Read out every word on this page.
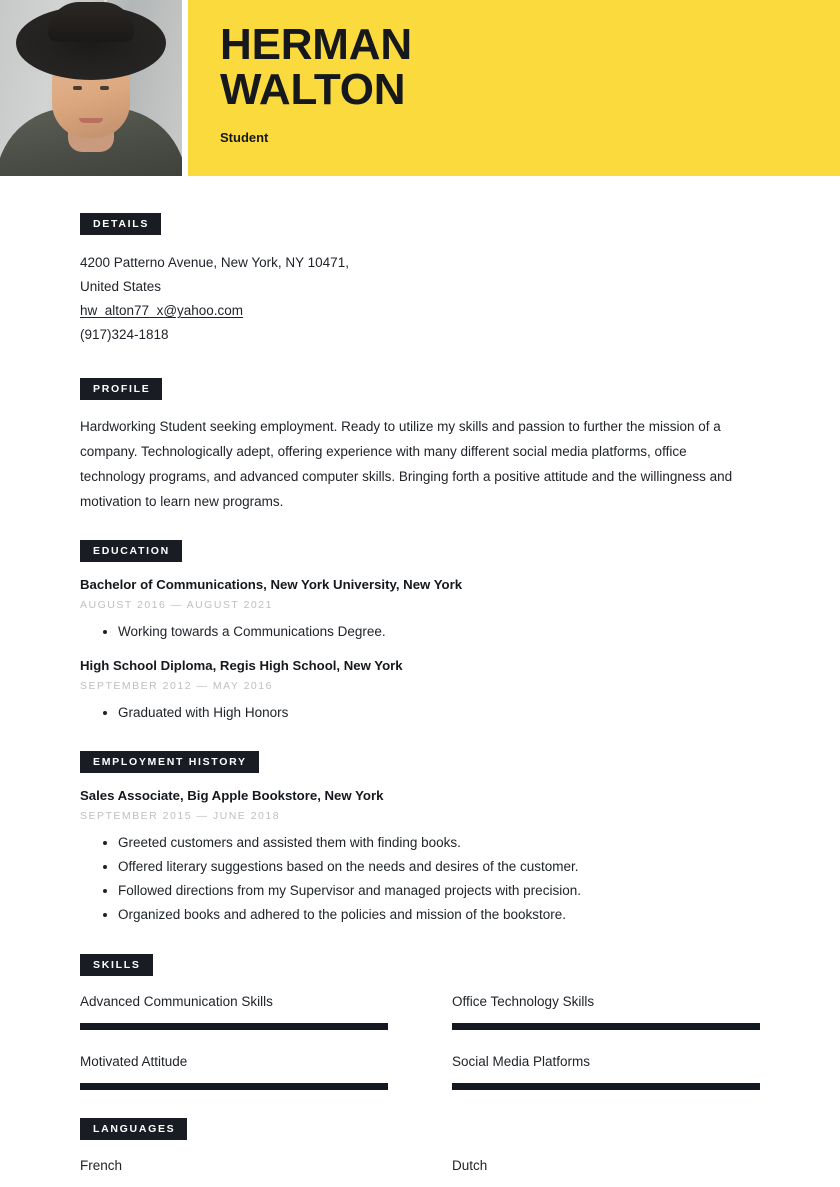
HERMAN
WALTON
Student
DETAILS
4200 Patterno Avenue, New York, NY 10471,
United States
hw_alton77_x@yahoo.com
(917)324-1818
PROFILE
Hardworking Student seeking employment. Ready to utilize my skills and passion to further the mission of a company. Technologically adept, offering experience with many different social media platforms, office technology programs, and advanced computer skills. Bringing forth a positive attitude and the willingness and motivation to learn new programs.
EDUCATION
Bachelor of Communications, New York University, New York
AUGUST 2016 — AUGUST 2021
Working towards a Communications Degree.
High School Diploma, Regis High School, New York
SEPTEMBER 2012 — MAY 2016
Graduated with High Honors
EMPLOYMENT HISTORY
Sales Associate, Big Apple Bookstore, New York
SEPTEMBER 2015 — JUNE 2018
Greeted customers and assisted them with finding books.
Offered literary suggestions based on the needs and desires of the customer.
Followed directions from my Supervisor and managed projects with precision.
Organized books and adhered to the policies and mission of the bookstore.
SKILLS
Advanced Communication Skills	Office Technology Skills
Motivated Attitude	Social Media Platforms
LANGUAGES
French	Dutch
